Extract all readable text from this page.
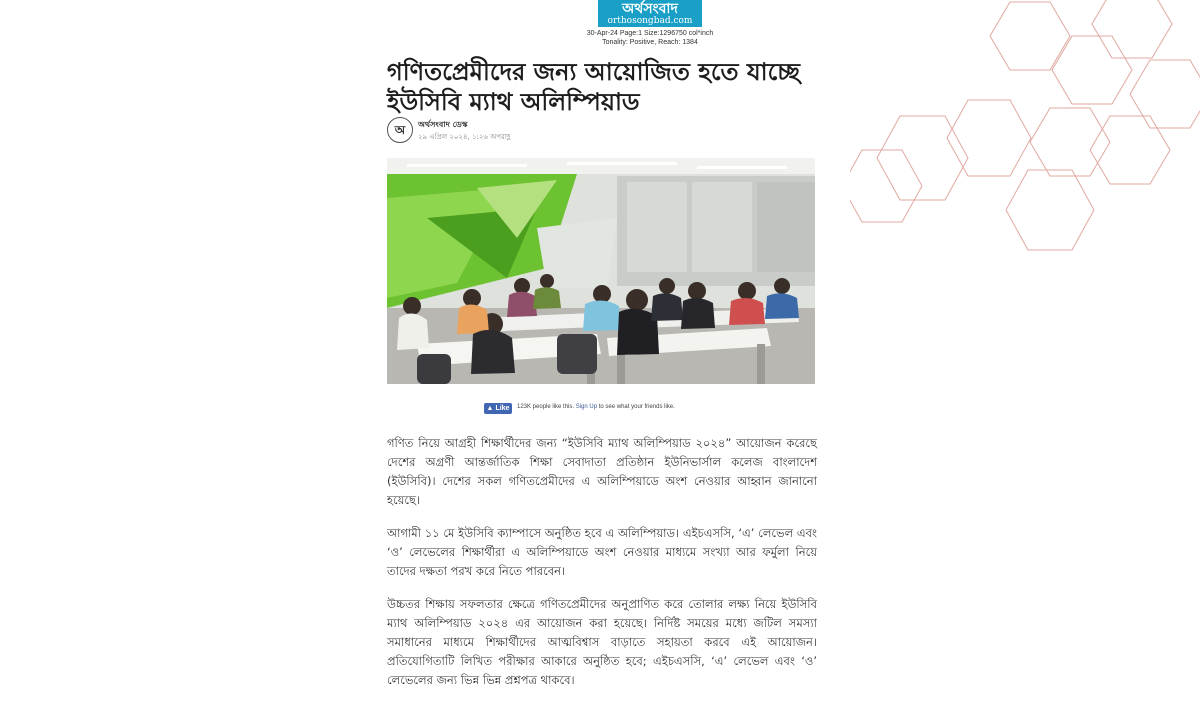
অর্থসংবাদ
orthosongbad.com
30-Apr-24 Page:1 Size:1296750 col*inch
Tonality: Positive, Reach: 1384
গণিতপ্রেমীদের জন্য আয়োজিত হতে যাচ্ছে ইউসিবি ম্যাথ অলিম্পিয়াড
অ	অর্থসংবাদ ডেস্ক
২৯ এপ্রিল ২০২৪, ১:২৬ অপরাহ্ণ
▲ Like	123K people like this. Sign Up to see what your friends like.

গণিত নিয়ে আগ্রহী শিক্ষার্থীদের জন্য “ইউসিবি ম্যাথ অলিম্পিয়াড ২০২৪” আয়োজন করেছে দেশের অগ্রণী আন্তর্জাতিক শিক্ষা সেবাদাতা প্রতিষ্ঠান ইউনিভার্সাল কলেজ বাংলাদেশ (ইউসিবি)। দেশের সকল গণিতপ্রেমীদের এ অলিম্পিয়াডে অংশ নেওয়ার আহ্বান জানানো হয়েছে।

আগামী ১১ মে ইউসিবি ক্যাম্পাসে অনুষ্ঠিত হবে এ অলিম্পিয়াড। এইচএসসি, ‘এ’ লেভেল এবং ‘ও’ লেভেলের শিক্ষার্থীরা এ অলিম্পিয়াডে অংশ নেওয়ার মাধ্যমে সংখ্যা আর ফর্মুলা নিয়ে তাদের দক্ষতা পরখ করে নিতে পারবেন।

উচ্চতর শিক্ষায় সফলতার ক্ষেত্রে গণিতপ্রেমীদের অনুপ্রাণিত করে তোলার লক্ষ্য নিয়ে ইউসিবি ম্যাথ অলিম্পিয়াড ২০২৪ এর আয়োজন করা হয়েছে। নির্দিষ্ট সময়ের মধ্যে জটিল সমস্যা সমাধানের মাধ্যমে শিক্ষার্থীদের আত্মবিশ্বাস বাড়াতে সহায়তা করবে এই আয়োজন। প্রতিযোগিতাটি লিখিত পরীক্ষার আকারে অনুষ্ঠিত হবে; এইচএসসি, ‘এ’ লেভেল এবং ‘ও’ লেভেলের জন্য ভিন্ন ভিন্ন প্রশ্নপত্র থাকবে।
